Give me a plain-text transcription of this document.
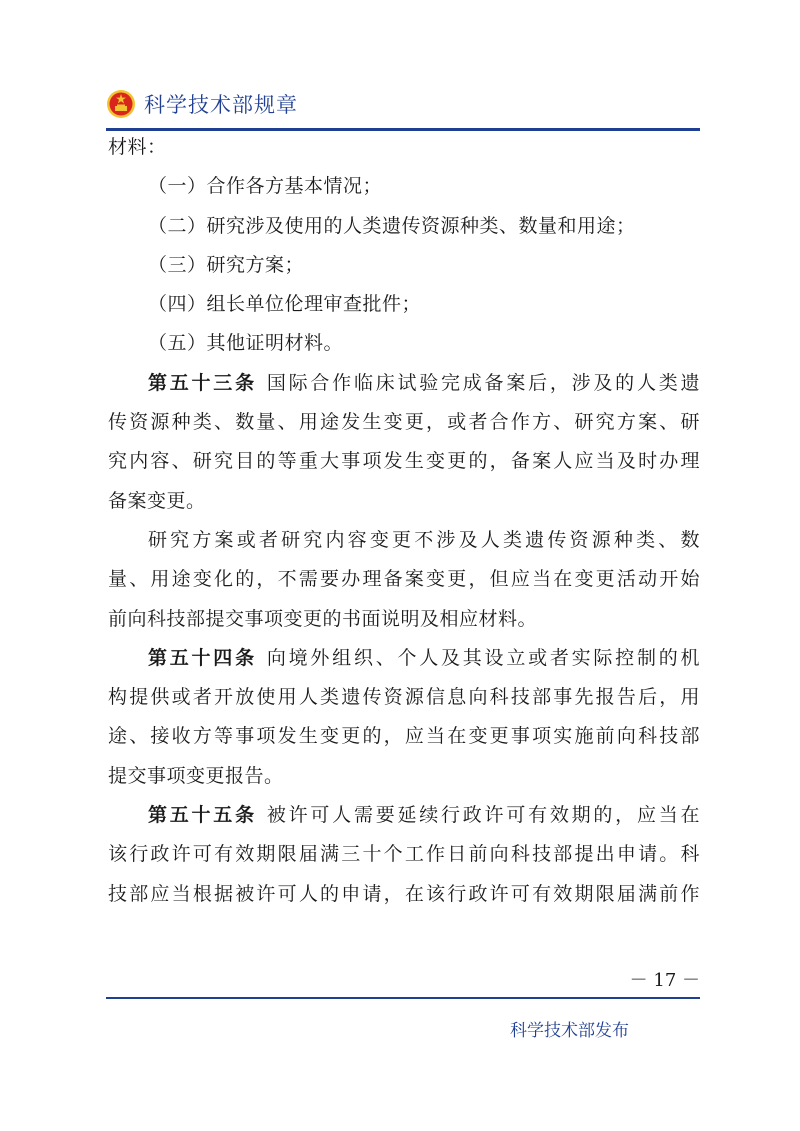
科学技术部规章
材料：
（一）合作各方基本情况；
（二）研究涉及使用的人类遗传资源种类、数量和用途；
（三）研究方案；
（四）组长单位伦理审查批件；
（五）其他证明材料。
第五十三条 国际合作临床试验完成备案后，涉及的人类遗
传资源种类、数量、用途发生变更，或者合作方、研究方案、研
究内容、研究目的等重大事项发生变更的，备案人应当及时办理
备案变更。
研究方案或者研究内容变更不涉及人类遗传资源种类、数
量、用途变化的，不需要办理备案变更，但应当在变更活动开始
前向科技部提交事项变更的书面说明及相应材料。
第五十四条 向境外组织、个人及其设立或者实际控制的机
构提供或者开放使用人类遗传资源信息向科技部事先报告后，用
途、接收方等事项发生变更的，应当在变更事项实施前向科技部
提交事项变更报告。
第五十五条 被许可人需要延续行政许可有效期的，应当在
该行政许可有效期限届满三十个工作日前向科技部提出申请。科
技部应当根据被许可人的申请，在该行政许可有效期限届满前作
－ 17 －
科学技术部发布
